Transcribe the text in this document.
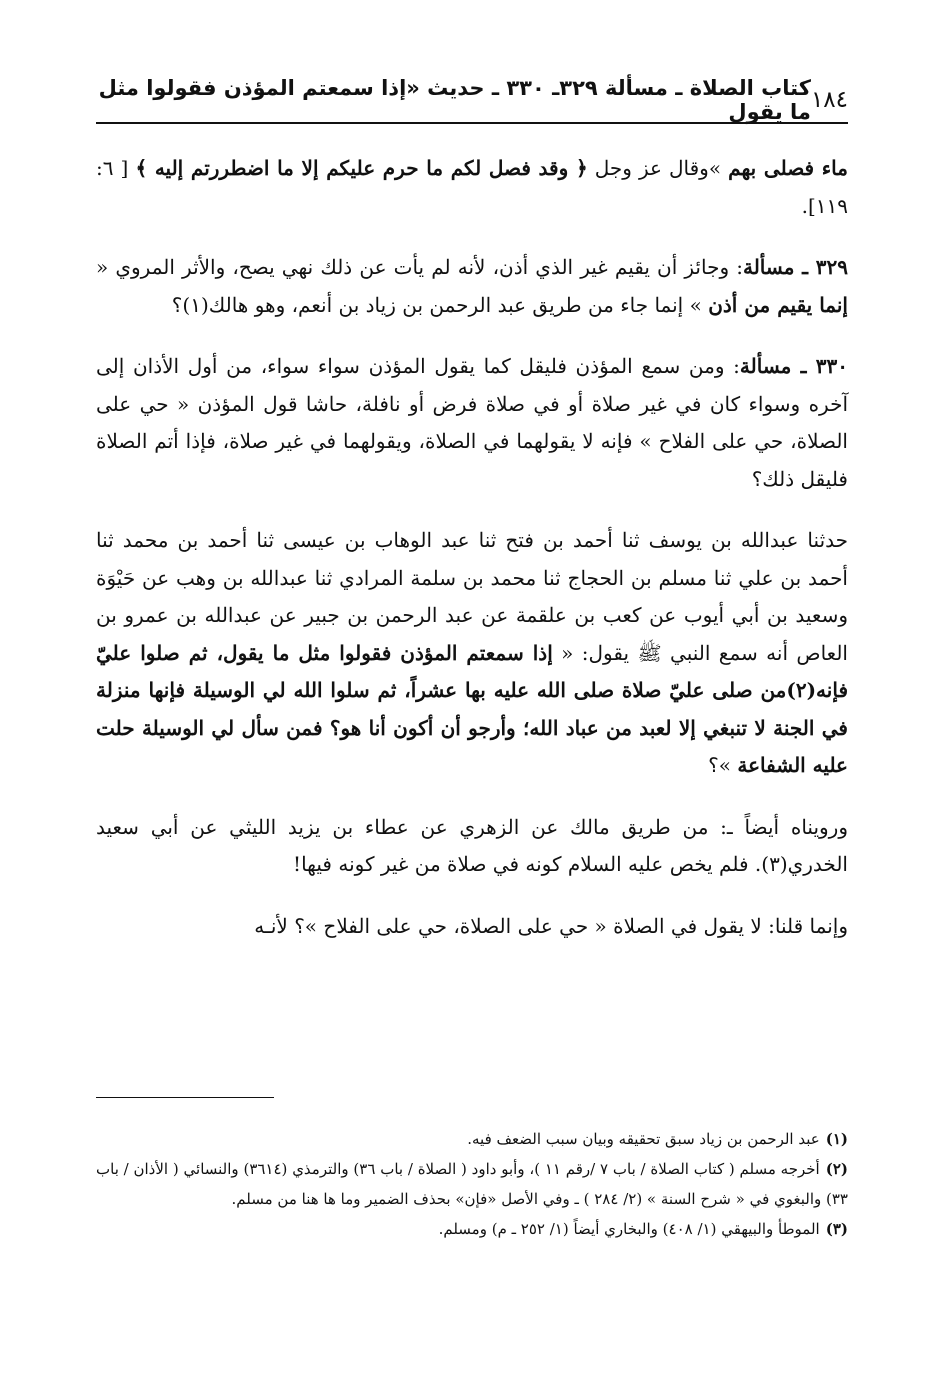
١٨٤
كتاب الصلاة ـ مسألة ٣٢٩ـ ٣٣٠ ـ حديث «إذا سمعتم المؤذن فقولوا مثل ما يقول

ماء فصلى بهم »وقال عز وجل ﴿ وقد فصل لكم ما حرم عليكم إلا ما اضطررتم إليه ﴾ [ ٦: ١١٩].

٣٢٩ ـ مسألة: وجائز أن يقيم غير الذي أذن، لأنه لم يأت عن ذلك نهي يصح، والأثر المروي « إنما يقيم من أذن » إنما جاء من طريق عبد الرحمن بن زياد بن أنعم، وهو هالك(١)؟

٣٣٠ ـ مسألة: ومن سمع المؤذن فليقل كما يقول المؤذن سواء سواء، من أول الأذان إلى آخره وسواء كان في غير صلاة أو في صلاة فرض أو نافلة، حاشا قول المؤذن « حي على الصلاة، حي على الفلاح » فإنه لا يقولهما في الصلاة، ويقولهما في غير صلاة، فإذا أتم الصلاة فليقل ذلك؟

حدثنا عبدالله بن يوسف ثنا أحمد بن فتح ثنا عبد الوهاب بن عيسى ثنا أحمد بن محمد ثنا أحمد بن علي ثنا مسلم بن الحجاج ثنا محمد بن سلمة المرادي ثنا عبدالله بن وهب عن حَيْوَة وسعيد بن أبي أيوب عن كعب بن علقمة عن عبد الرحمن بن جبير عن عبدالله بن عمرو بن العاص أنه سمع النبي ﷺ يقول: « إذا سمعتم المؤذن فقولوا مثل ما يقول، ثم صلوا عليّ فإنه(٢)من صلى عليّ صلاة صلى الله عليه بها عشراً، ثم سلوا الله لي الوسيلة فإنها منزلة في الجنة لا تنبغي إلا لعبد من عباد الله؛ وأرجو أن أكون أنا هو؟ فمن سأل لي الوسيلة حلت عليه الشفاعة »؟

ورويناه أيضاً ـ: من طريق مالك عن الزهري عن عطاء بن يزيد الليثي عن أبي سعيد الخدري(٣). فلم يخص عليه السلام كونه في صلاة من غير كونه فيها!

وإنما قلنا: لا يقول في الصلاة « حي على الصلاة، حي على الفلاح »؟ لأنـه

(١)عبد الرحمن بن زياد سبق تحقيقه وبيان سبب الضعف فيه.

(٢)أخرجه مسلم ( كتاب الصلاة / باب ٧ /رقم ١١ )، وأبو داود ( الصلاة / باب ٣٦) والترمذي (٣٦١٤) والنسائي ( الأذان / باب ٣٣) والبغوي في « شرح السنة » (٢/ ٢٨٤ ) ـ وفي الأصل «فإن» بحذف الضمير وما ها هنا من مسلم.

(٣)الموطأ والبيهقي (١/ ٤٠٨) والبخاري أيضاً (١/ ٢٥٢ ـ م) ومسلم.
